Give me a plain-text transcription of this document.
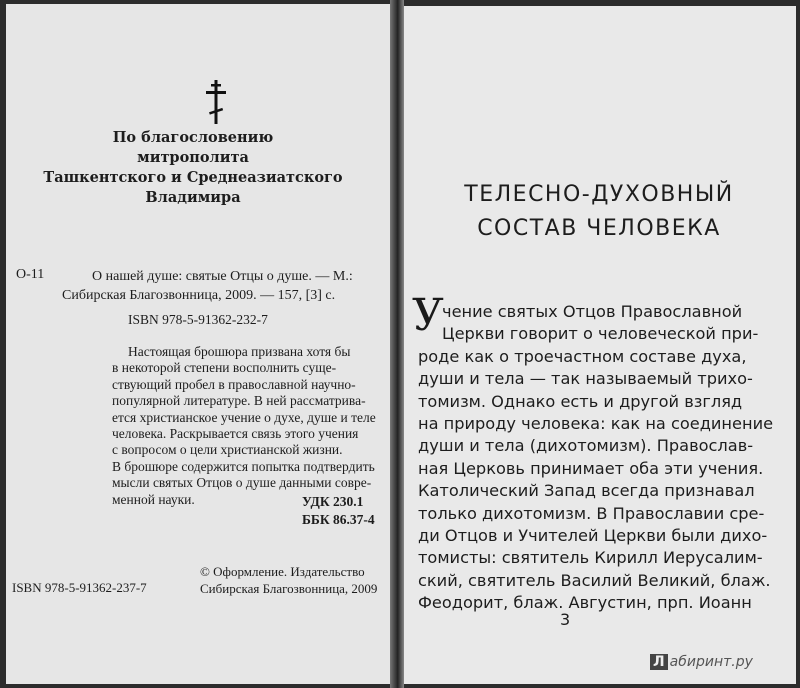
По благословению
митрополита
Ташкентского и Среднеазиатского
Владимира
О-11	О нашей душе: святые Отцы о душе. — М.:
Сибирская Благозвонница, 2009. — 157, [3] с.
ISBN 978-5-91362-232-7
Настоящая брошюра призвана хотя бы
в некоторой степени восполнить суще-
ствующий пробел в православной научно-
популярной литературе. В ней рассматрива-
ется христианское учение о духе, душе и теле
человека. Раскрывается связь этого учения
с вопросом о цели христианской жизни.
В брошюре содержится попытка подтвердить
мысли святых Отцов о душе данными совре-
менной науки.	УДК 230.1
ББК 86.37-4
© Оформление. Издательство
Сибирская Благозвонница, 2009
ISBN 978-5-91362-237-7
ТЕЛЕСНО-ДУХОВНЫЙ
СОСТАВ ЧЕЛОВЕКА
У
чение святых Отцов Православной
Церкви говорит о человеческой при-
роде как о троечастном составе духа,
души и тела — так называемый трихо-
томизм. Однако есть и другой взгляд
на природу человека: как на соединение
души и тела (дихотомизм). Православ-
ная Церковь принимает оба эти учения.
Католический Запад всегда признавал
только дихотомизм. В Православии сре-
ди Отцов и Учителей Церкви были дихо-
томисты: святитель Кирилл Иерусалим-
ский, святитель Василий Великий, блаж.
Феодорит, блаж. Августин, прп. Иоанн
3
Л абиринт.ру
